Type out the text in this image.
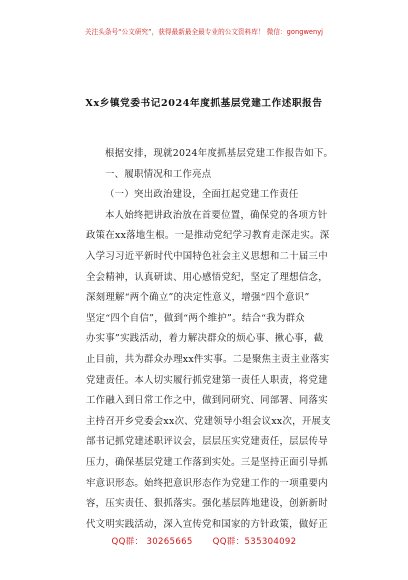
关注头条号“公文研究”，获得最新最全最专业的公文资料库！ 微信：gongwenyj
Xx乡镇党委书记2024年度抓基层党建工作述职报告

根据安排，现就2024年度抓基层党建工作报告如下。
一、履职情况和工作亮点
（一）突出政治建设，全面扛起党建工作责任
本人始终把讲政治放在首要位置，确保党的各项方针
政策在xx落地生根。一是推动党纪学习教育走深走实。深
入学习习近平新时代中国特色社会主义思想和二十届三中
全会精神，认真研读、用心感悟党纪，坚定了理想信念，
深刻理解“两个确立”的决定性意义，增强“四个意识”
坚定“四个自信”，做到“两个维护”。结合“我为群众
办实事”实践活动，着力解决群众的烦心事、揪心事，截
止目前，共为群众办理xx件实事。二是聚焦主责主业落实
党建责任。本人切实履行抓党建第一责任人职责，将党建
工作融入到日常工作之中，做到同研究、同部署、同落实
主持召开乡党委会xx次、党建领导小组会议xx次，开展支
部书记抓党建述职评议会，层层压实党建责任，层层传导
压力，确保基层党建工作落到实处。三是坚持正面引导抓
牢意识形态。始终把意识形态作为党建工作的一项重要内
容，压实责任、狠抓落实。强化基层阵地建设，创新新时
代文明实践活动，深入宣传党和国家的方针政策，做好正

QQ群： 30265665 QQ群：535304092
